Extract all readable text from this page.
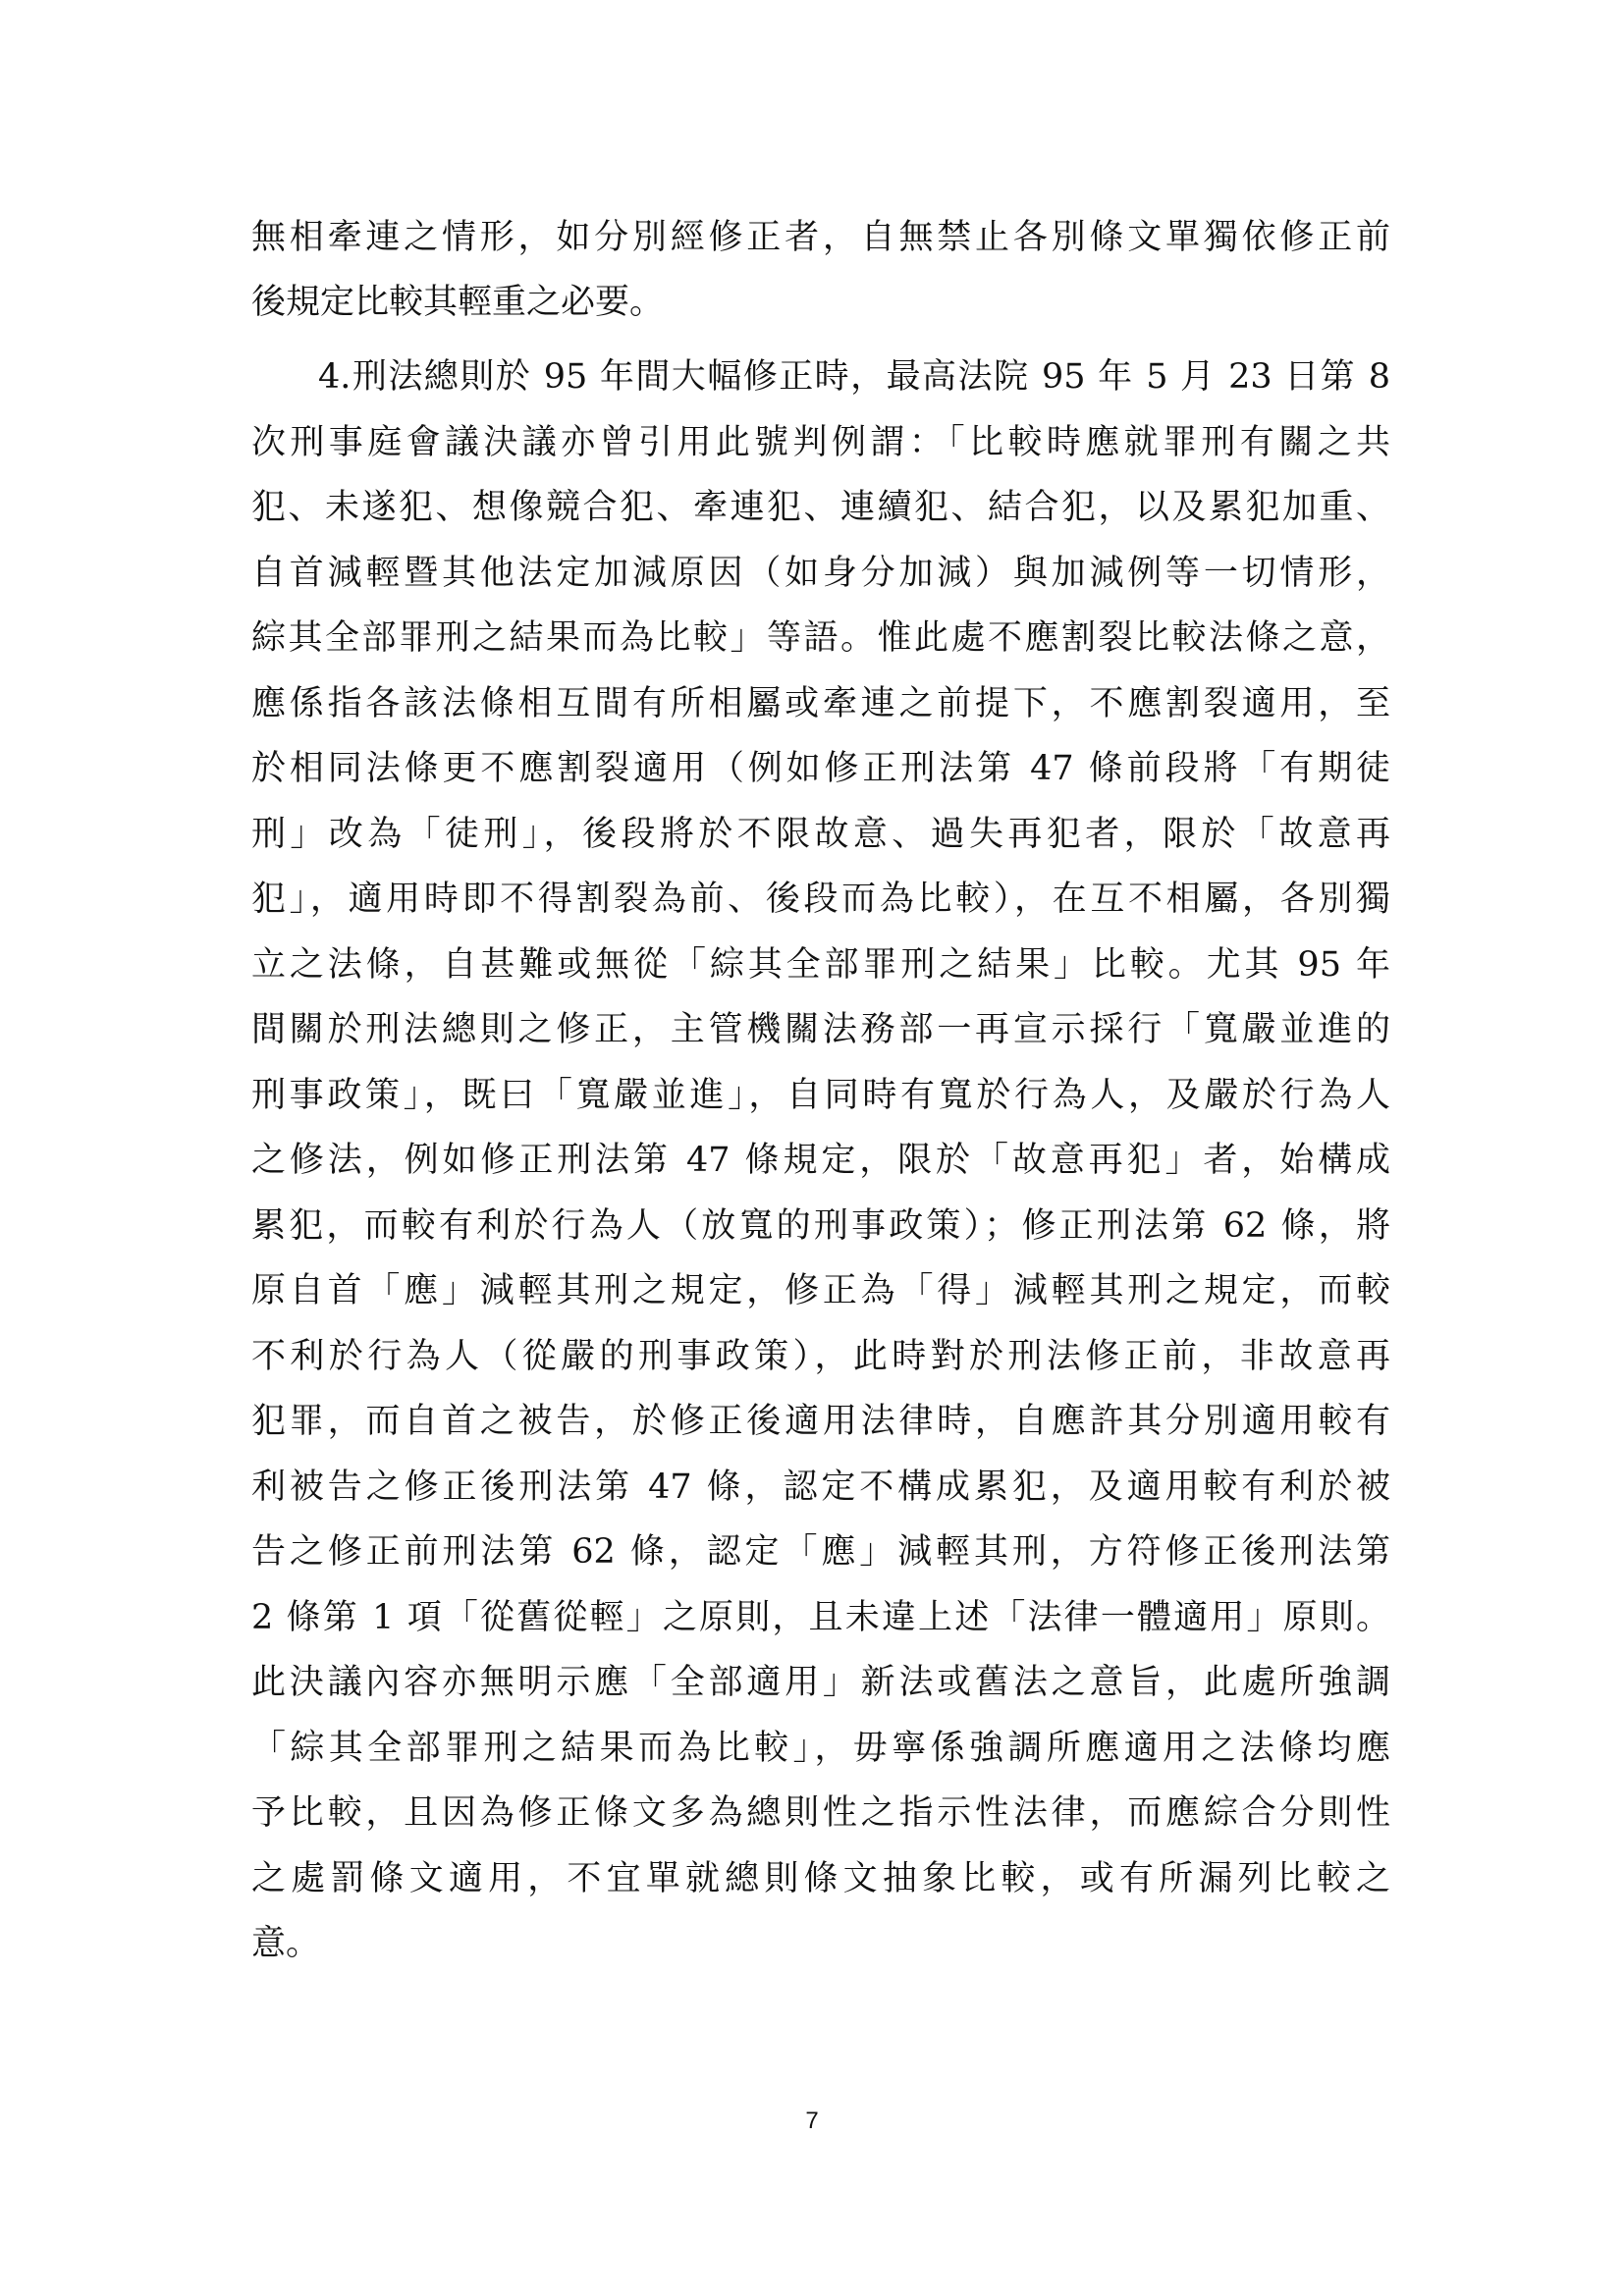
無相牽連之情形，如分別經修正者，自無禁止各別條文單獨依修正前
後規定比較其輕重之必要。
4.刑法總則於 95 年間大幅修正時，最高法院 95 年 5 月 23 日第 8
次刑事庭會議決議亦曾引用此號判例謂：「比較時應就罪刑有關之共
犯、未遂犯、想像競合犯、牽連犯、連續犯、結合犯，以及累犯加重、
自首減輕暨其他法定加減原因（如身分加減）與加減例等一切情形，
綜其全部罪刑之結果而為比較」等語。惟此處不應割裂比較法條之意，
應係指各該法條相互間有所相屬或牽連之前提下，不應割裂適用，至
於相同法條更不應割裂適用（例如修正刑法第 47 條前段將「有期徒
刑」改為「徒刑」，後段將於不限故意、過失再犯者，限於「故意再
犯」，適用時即不得割裂為前、後段而為比較），在互不相屬，各別獨
立之法條，自甚難或無從「綜其全部罪刑之結果」比較。尤其 95 年
間關於刑法總則之修正，主管機關法務部一再宣示採行「寬嚴並進的
刑事政策」，既曰「寬嚴並進」，自同時有寬於行為人，及嚴於行為人
之修法，例如修正刑法第 47 條規定，限於「故意再犯」者，始構成
累犯，而較有利於行為人（放寬的刑事政策）；修正刑法第 62 條，將
原自首「應」減輕其刑之規定，修正為「得」減輕其刑之規定，而較
不利於行為人（從嚴的刑事政策），此時對於刑法修正前，非故意再
犯罪，而自首之被告，於修正後適用法律時，自應許其分別適用較有
利被告之修正後刑法第 47 條，認定不構成累犯，及適用較有利於被
告之修正前刑法第 62 條，認定「應」減輕其刑，方符修正後刑法第
2 條第 1 項「從舊從輕」之原則，且未違上述「法律一體適用」原則。
此決議內容亦無明示應「全部適用」新法或舊法之意旨，此處所強調
「綜其全部罪刑之結果而為比較」，毋寧係強調所應適用之法條均應
予比較，且因為修正條文多為總則性之指示性法律，而應綜合分則性
之處罰條文適用，不宜單就總則條文抽象比較，或有所漏列比較之
意。
7
